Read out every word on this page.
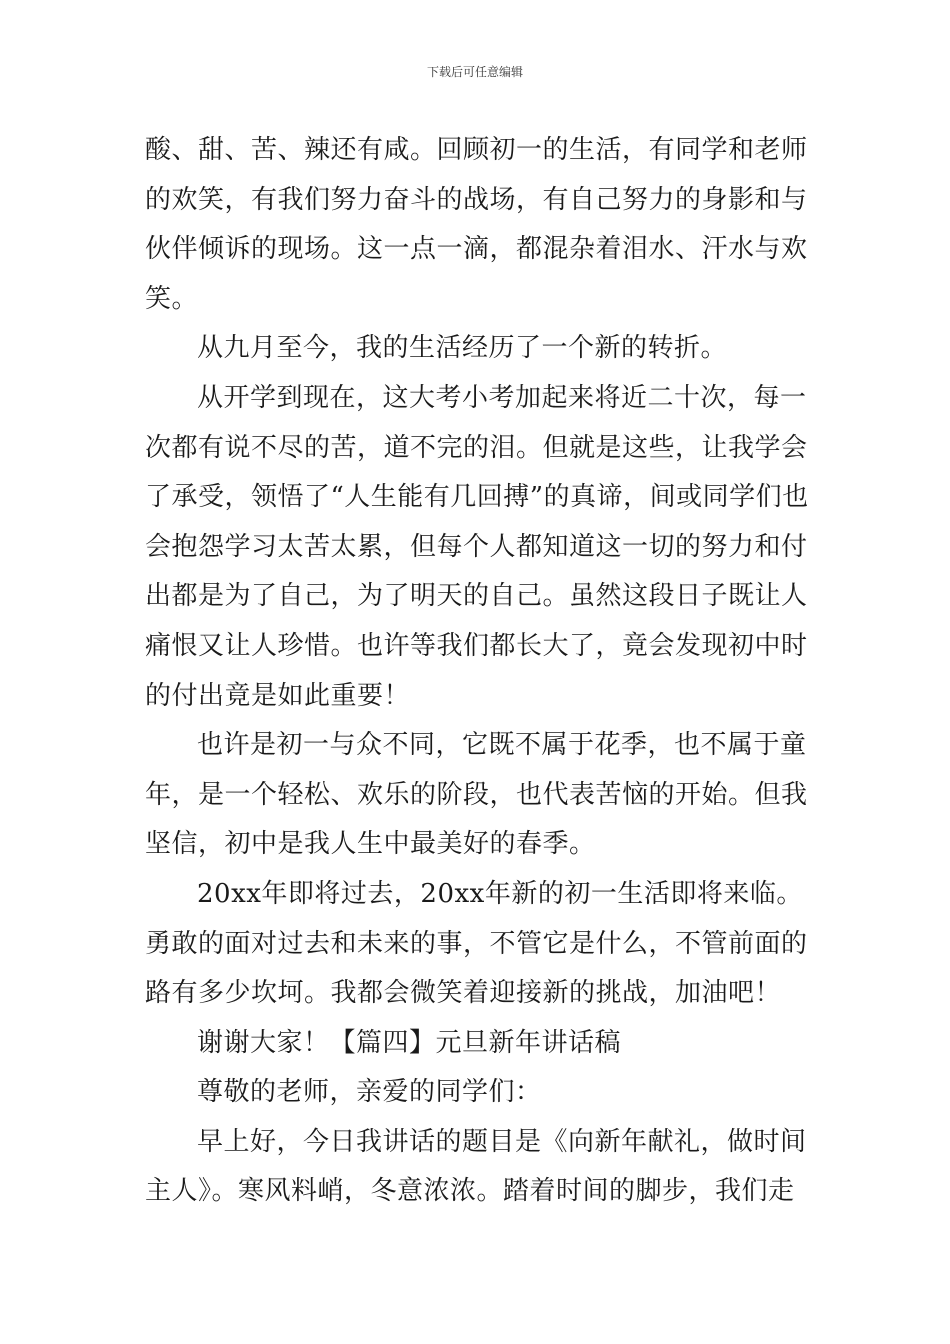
下载后可任意编辑

酸、甜、苦、辣还有咸。回顾初一的生活，有同学和老师的欢笑，有我们努力奋斗的战场，有自己努力的身影和与伙伴倾诉的现场。这一点一滴，都混杂着泪水、汗水与欢笑。

从九月至今，我的生活经历了一个新的转折。

从开学到现在，这大考小考加起来将近二十次，每一次都有说不尽的苦，道不完的泪。但就是这些，让我学会了承受，领悟了“人生能有几回搏”的真谛，间或同学们也会抱怨学习太苦太累，但每个人都知道这一切的努力和付出都是为了自己，为了明天的自己。虽然这段日子既让人痛恨又让人珍惜。也许等我们都长大了，竟会发现初中时的付出竟是如此重要！

也许是初一与众不同，它既不属于花季，也不属于童年，是一个轻松、欢乐的阶段，也代表苦恼的开始。但我坚信，初中是我人生中最美好的春季。

20xx年即将过去，20xx年新的初一生活即将来临。勇敢的面对过去和未来的事，不管它是什么，不管前面的路有多少坎坷。我都会微笑着迎接新的挑战，加油吧！

谢谢大家！【篇四】元旦新年讲话稿

尊敬的老师，亲爱的同学们：

早上好，今日我讲话的题目是《向新年献礼，做时间主人》。寒风料峭，冬意浓浓。踏着时间的脚步，我们走
